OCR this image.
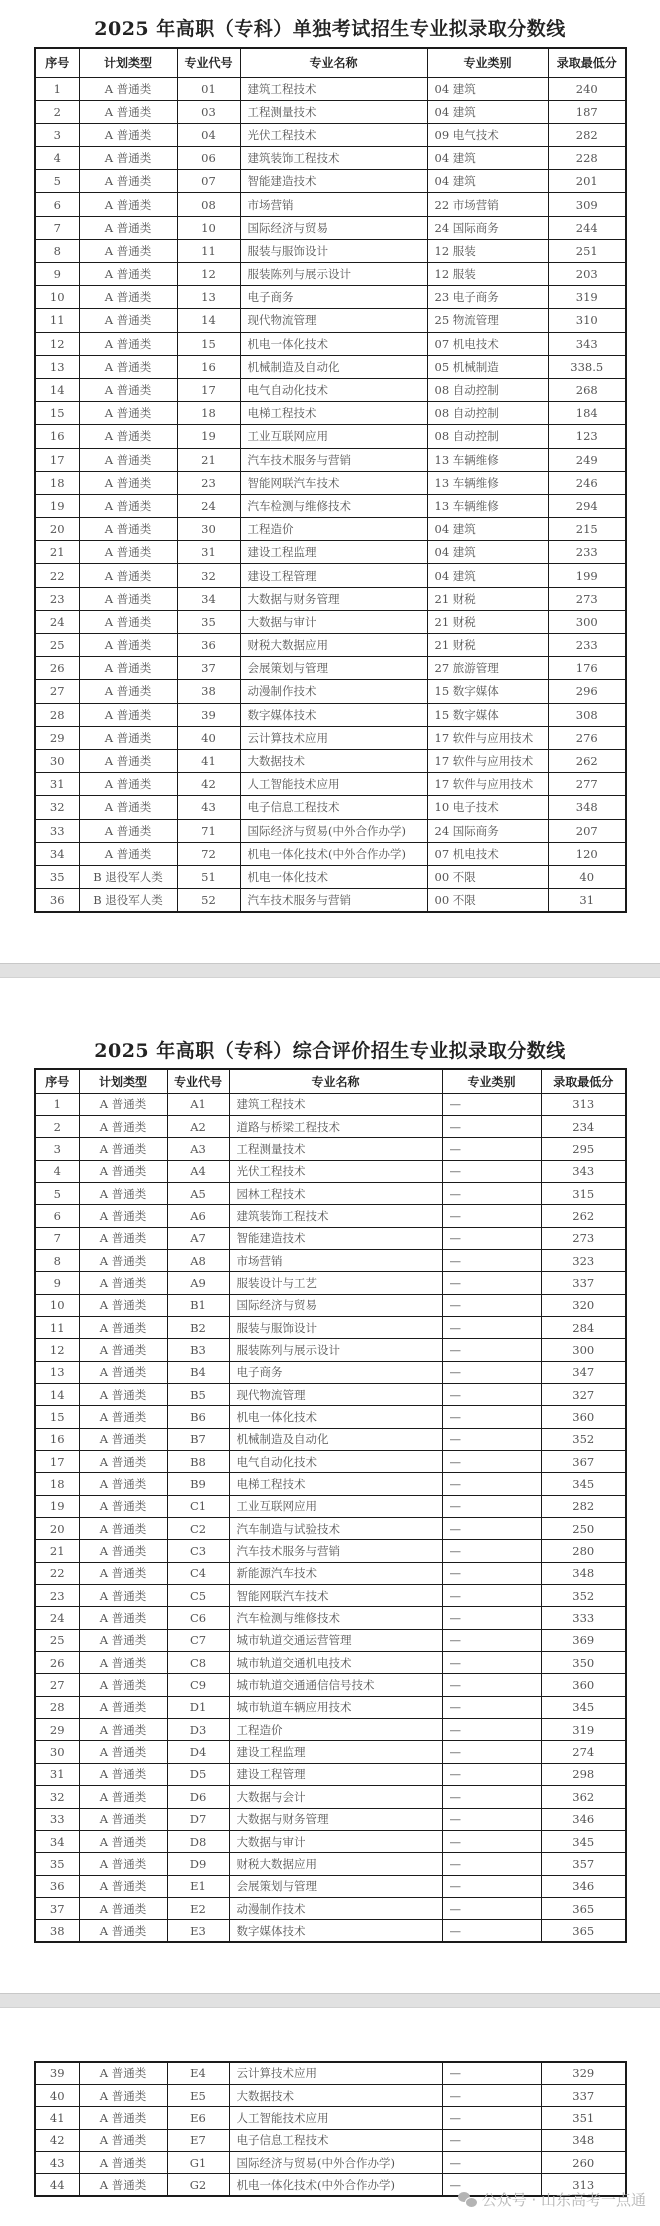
2025 年高职（专科）单独考试招生专业拟录取分数线
序号	计划类型	专业代号	专业名称	专业类别	录取最低分
1	A 普通类	01	建筑工程技术	04 建筑	240
2	A 普通类	03	工程测量技术	04 建筑	187
3	A 普通类	04	光伏工程技术	09 电气技术	282
4	A 普通类	06	建筑装饰工程技术	04 建筑	228
5	A 普通类	07	智能建造技术	04 建筑	201
6	A 普通类	08	市场营销	22 市场营销	309
7	A 普通类	10	国际经济与贸易	24 国际商务	244
8	A 普通类	11	服装与服饰设计	12 服装	251
9	A 普通类	12	服装陈列与展示设计	12 服装	203
10	A 普通类	13	电子商务	23 电子商务	319
11	A 普通类	14	现代物流管理	25 物流管理	310
12	A 普通类	15	机电一体化技术	07 机电技术	343
13	A 普通类	16	机械制造及自动化	05 机械制造	338.5
14	A 普通类	17	电气自动化技术	08 自动控制	268
15	A 普通类	18	电梯工程技术	08 自动控制	184
16	A 普通类	19	工业互联网应用	08 自动控制	123
17	A 普通类	21	汽车技术服务与营销	13 车辆维修	249
18	A 普通类	23	智能网联汽车技术	13 车辆维修	246
19	A 普通类	24	汽车检测与维修技术	13 车辆维修	294
20	A 普通类	30	工程造价	04 建筑	215
21	A 普通类	31	建设工程监理	04 建筑	233
22	A 普通类	32	建设工程管理	04 建筑	199
23	A 普通类	34	大数据与财务管理	21 财税	273
24	A 普通类	35	大数据与审计	21 财税	300
25	A 普通类	36	财税大数据应用	21 财税	233
26	A 普通类	37	会展策划与管理	27 旅游管理	176
27	A 普通类	38	动漫制作技术	15 数字媒体	296
28	A 普通类	39	数字媒体技术	15 数字媒体	308
29	A 普通类	40	云计算技术应用	17 软件与应用技术	276
30	A 普通类	41	大数据技术	17 软件与应用技术	262
31	A 普通类	42	人工智能技术应用	17 软件与应用技术	277
32	A 普通类	43	电子信息工程技术	10 电子技术	348
33	A 普通类	71	国际经济与贸易(中外合作办学)	24 国际商务	207
34	A 普通类	72	机电一体化技术(中外合作办学)	07 机电技术	120
35	B 退役军人类	51	机电一体化技术	00 不限	40
36	B 退役军人类	52	汽车技术服务与营销	00 不限	31
2025 年高职（专科）综合评价招生专业拟录取分数线
序号	计划类型	专业代号	专业名称	专业类别	录取最低分
1	A 普通类	A1	建筑工程技术	—	313
2	A 普通类	A2	道路与桥梁工程技术	—	234
3	A 普通类	A3	工程测量技术	—	295
4	A 普通类	A4	光伏工程技术	—	343
5	A 普通类	A5	园林工程技术	—	315
6	A 普通类	A6	建筑装饰工程技术	—	262
7	A 普通类	A7	智能建造技术	—	273
8	A 普通类	A8	市场营销	—	323
9	A 普通类	A9	服装设计与工艺	—	337
10	A 普通类	B1	国际经济与贸易	—	320
11	A 普通类	B2	服装与服饰设计	—	284
12	A 普通类	B3	服装陈列与展示设计	—	300
13	A 普通类	B4	电子商务	—	347
14	A 普通类	B5	现代物流管理	—	327
15	A 普通类	B6	机电一体化技术	—	360
16	A 普通类	B7	机械制造及自动化	—	352
17	A 普通类	B8	电气自动化技术	—	367
18	A 普通类	B9	电梯工程技术	—	345
19	A 普通类	C1	工业互联网应用	—	282
20	A 普通类	C2	汽车制造与试验技术	—	250
21	A 普通类	C3	汽车技术服务与营销	—	280
22	A 普通类	C4	新能源汽车技术	—	348
23	A 普通类	C5	智能网联汽车技术	—	352
24	A 普通类	C6	汽车检测与维修技术	—	333
25	A 普通类	C7	城市轨道交通运营管理	—	369
26	A 普通类	C8	城市轨道交通机电技术	—	350
27	A 普通类	C9	城市轨道交通通信信号技术	—	360
28	A 普通类	D1	城市轨道车辆应用技术	—	345
29	A 普通类	D3	工程造价	—	319
30	A 普通类	D4	建设工程监理	—	274
31	A 普通类	D5	建设工程管理	—	298
32	A 普通类	D6	大数据与会计	—	362
33	A 普通类	D7	大数据与财务管理	—	346
34	A 普通类	D8	大数据与审计	—	345
35	A 普通类	D9	财税大数据应用	—	357
36	A 普通类	E1	会展策划与管理	—	346
37	A 普通类	E2	动漫制作技术	—	365
38	A 普通类	E3	数字媒体技术	—	365
39	A 普通类	E4	云计算技术应用	—	329
40	A 普通类	E5	大数据技术	—	337
41	A 普通类	E6	人工智能技术应用	—	351
42	A 普通类	E7	电子信息工程技术	—	348
43	A 普通类	G1	国际经济与贸易(中外合作办学)	—	260
44	A 普通类	G2	机电一体化技术(中外合作办学)	—	313
公众号 · 山东高考一点通
